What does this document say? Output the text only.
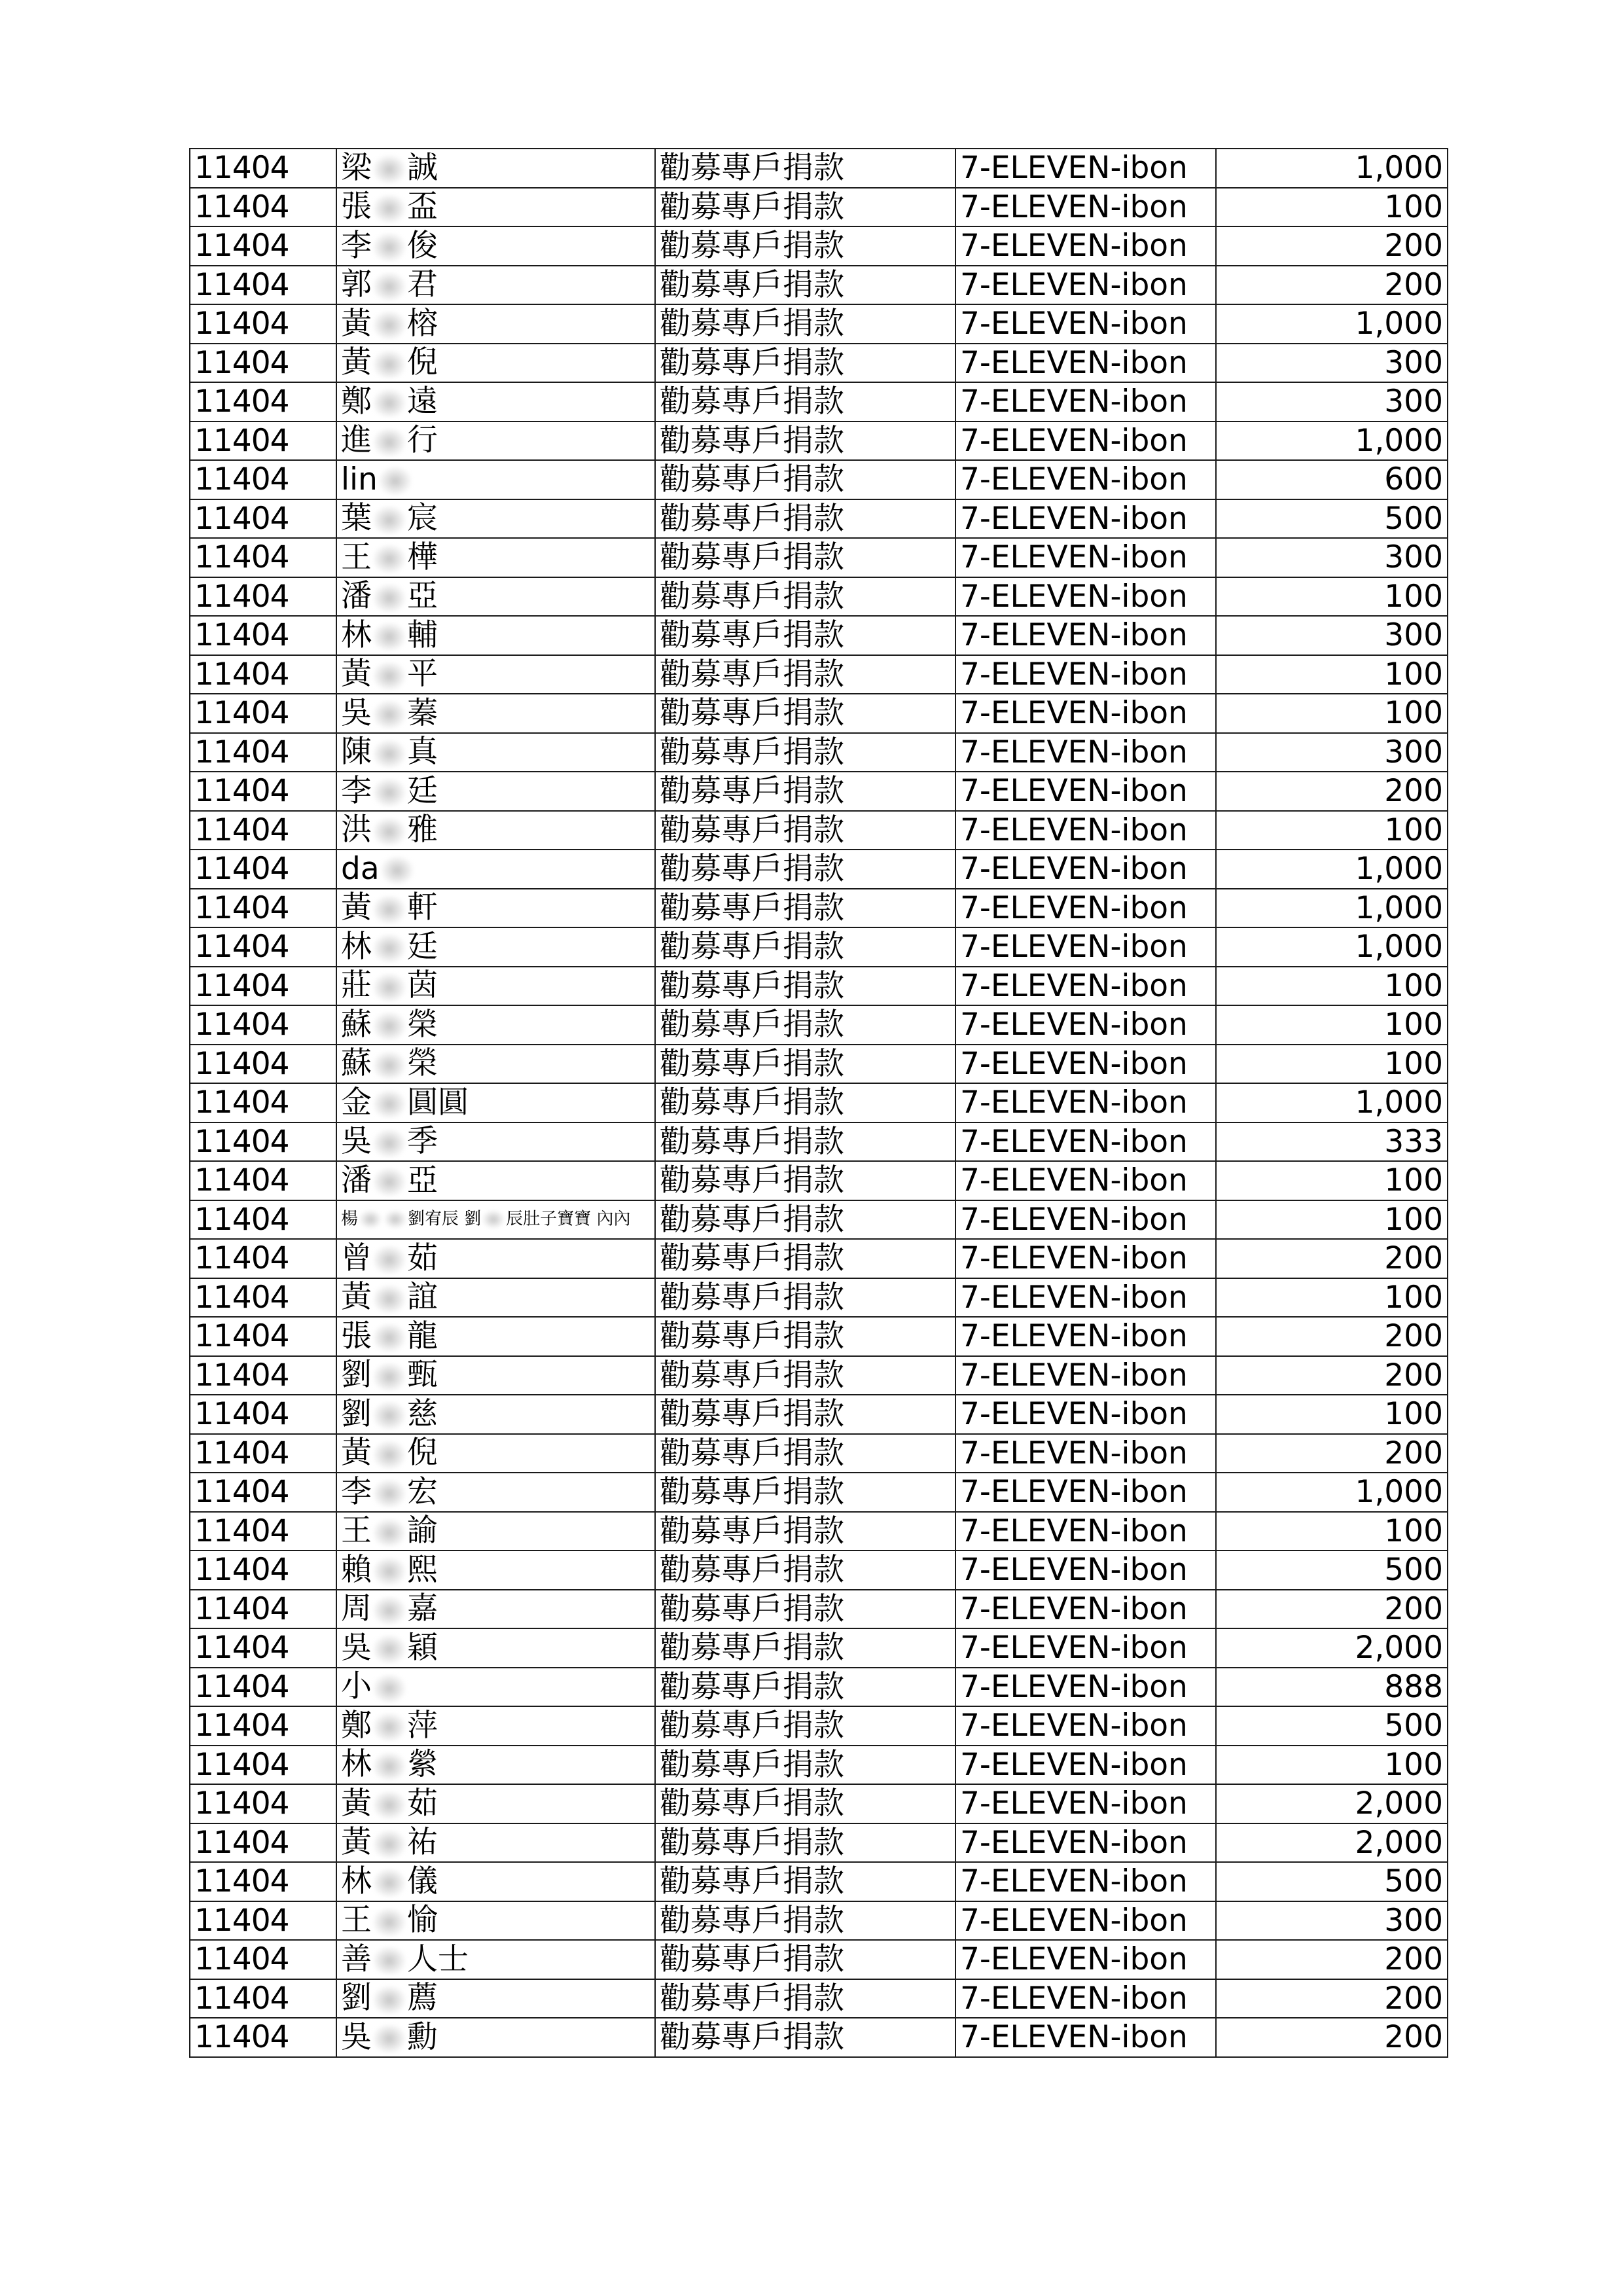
11404	梁 誠	勸募專戶捐款	7-ELEVEN-ibon	1,000
11404	張 盃	勸募專戶捐款	7-ELEVEN-ibon	100
11404	李 俊	勸募專戶捐款	7-ELEVEN-ibon	200
11404	郭 君	勸募專戶捐款	7-ELEVEN-ibon	200
11404	黃 榕	勸募專戶捐款	7-ELEVEN-ibon	1,000
11404	黃 倪	勸募專戶捐款	7-ELEVEN-ibon	300
11404	鄭 遠	勸募專戶捐款	7-ELEVEN-ibon	300
11404	進 行	勸募專戶捐款	7-ELEVEN-ibon	1,000
11404	lin	勸募專戶捐款	7-ELEVEN-ibon	600
11404	葉 宸	勸募專戶捐款	7-ELEVEN-ibon	500
11404	王 樺	勸募專戶捐款	7-ELEVEN-ibon	300
11404	潘 亞	勸募專戶捐款	7-ELEVEN-ibon	100
11404	林 輔	勸募專戶捐款	7-ELEVEN-ibon	300
11404	黃 平	勸募專戶捐款	7-ELEVEN-ibon	100
11404	吳 蓁	勸募專戶捐款	7-ELEVEN-ibon	100
11404	陳 真	勸募專戶捐款	7-ELEVEN-ibon	300
11404	李 廷	勸募專戶捐款	7-ELEVEN-ibon	200
11404	洪 雅	勸募專戶捐款	7-ELEVEN-ibon	100
11404	da	勸募專戶捐款	7-ELEVEN-ibon	1,000
11404	黃 軒	勸募專戶捐款	7-ELEVEN-ibon	1,000
11404	林 廷	勸募專戶捐款	7-ELEVEN-ibon	1,000
11404	莊 茵	勸募專戶捐款	7-ELEVEN-ibon	100
11404	蘇 榮	勸募專戶捐款	7-ELEVEN-ibon	100
11404	蘇 榮	勸募專戶捐款	7-ELEVEN-ibon	100
11404	金 圓圓	勸募專戶捐款	7-ELEVEN-ibon	1,000
11404	吳 季	勸募專戶捐款	7-ELEVEN-ibon	333
11404	潘 亞	勸募專戶捐款	7-ELEVEN-ibon	100
11404	楊 劉宥辰 劉 辰肚子寶寶 內內	勸募專戶捐款	7-ELEVEN-ibon	100
11404	曾 茹	勸募專戶捐款	7-ELEVEN-ibon	200
11404	黃 誼	勸募專戶捐款	7-ELEVEN-ibon	100
11404	張 龍	勸募專戶捐款	7-ELEVEN-ibon	200
11404	劉 甄	勸募專戶捐款	7-ELEVEN-ibon	200
11404	劉 慈	勸募專戶捐款	7-ELEVEN-ibon	100
11404	黃 倪	勸募專戶捐款	7-ELEVEN-ibon	200
11404	李 宏	勸募專戶捐款	7-ELEVEN-ibon	1,000
11404	王 諭	勸募專戶捐款	7-ELEVEN-ibon	100
11404	賴 熙	勸募專戶捐款	7-ELEVEN-ibon	500
11404	周 嘉	勸募專戶捐款	7-ELEVEN-ibon	200
11404	吳 穎	勸募專戶捐款	7-ELEVEN-ibon	2,000
11404	小	勸募專戶捐款	7-ELEVEN-ibon	888
11404	鄭 萍	勸募專戶捐款	7-ELEVEN-ibon	500
11404	林 縈	勸募專戶捐款	7-ELEVEN-ibon	100
11404	黃 茹	勸募專戶捐款	7-ELEVEN-ibon	2,000
11404	黃 祐	勸募專戶捐款	7-ELEVEN-ibon	2,000
11404	林 儀	勸募專戶捐款	7-ELEVEN-ibon	500
11404	王 愉	勸募專戶捐款	7-ELEVEN-ibon	300
11404	善 人士	勸募專戶捐款	7-ELEVEN-ibon	200
11404	劉 薦	勸募專戶捐款	7-ELEVEN-ibon	200
11404	吳 勳	勸募專戶捐款	7-ELEVEN-ibon	200
